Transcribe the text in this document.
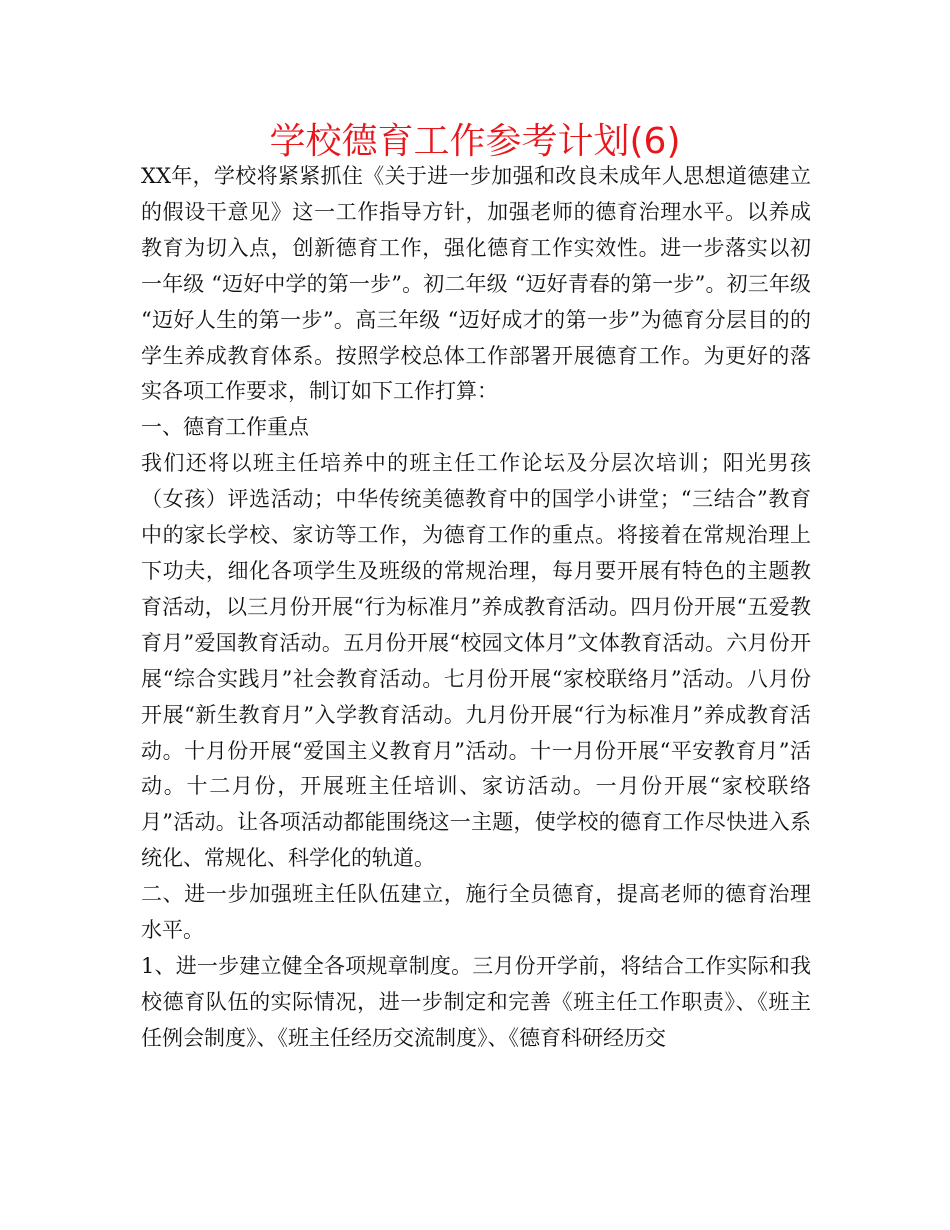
学校德育工作参考计划(6)

XX年，学校将紧紧抓住《关于进一步加强和改良未成年人思想道德建立的假设干意见》这一工作指导方针，加强老师的德育治理水平。以养成教育为切入点，创新德育工作，强化德育工作实效性。进一步落实以初一年级 “迈好中学的第一步”。初二年级 “迈好青春的第一步”。初三年级 “迈好人生的第一步”。高三年级 “迈好成才的第一步”为德育分层目的的学生养成教育体系。按照学校总体工作部署开展德育工作。为更好的落实各项工作要求，制订如下工作打算：

一、德育工作重点

我们还将以班主任培养中的班主任工作论坛及分层次培训；阳光男孩（女孩）评选活动；中华传统美德教育中的国学小讲堂；“三结合”教育中的家长学校、家访等工作，为德育工作的重点。将接着在常规治理上下功夫，细化各项学生及班级的常规治理，每月要开展有特色的主题教育活动，以三月份开展“行为标准月”养成教育活动。四月份开展“五爱教育月”爱国教育活动。五月份开展“校园文体月”文体教育活动。六月份开展“综合实践月”社会教育活动。七月份开展“家校联络月”活动。八月份开展“新生教育月”入学教育活动。九月份开展“行为标准月”养成教育活动。十月份开展“爱国主义教育月”活动。十一月份开展“平安教育月”活动。十二月份，开展班主任培训、家访活动。一月份开展“家校联络月”活动。让各项活动都能围绕这一主题，使学校的德育工作尽快进入系统化、常规化、科学化的轨道。

二、进一步加强班主任队伍建立，施行全员德育，提高老师的德育治理水平。

1、进一步建立健全各项规章制度。三月份开学前，将结合工作实际和我校德育队伍的实际情况，进一步制定和完善《班主任工作职责》、《班主任例会制度》、《班主任经历交流制度》、《德育科研经历交
